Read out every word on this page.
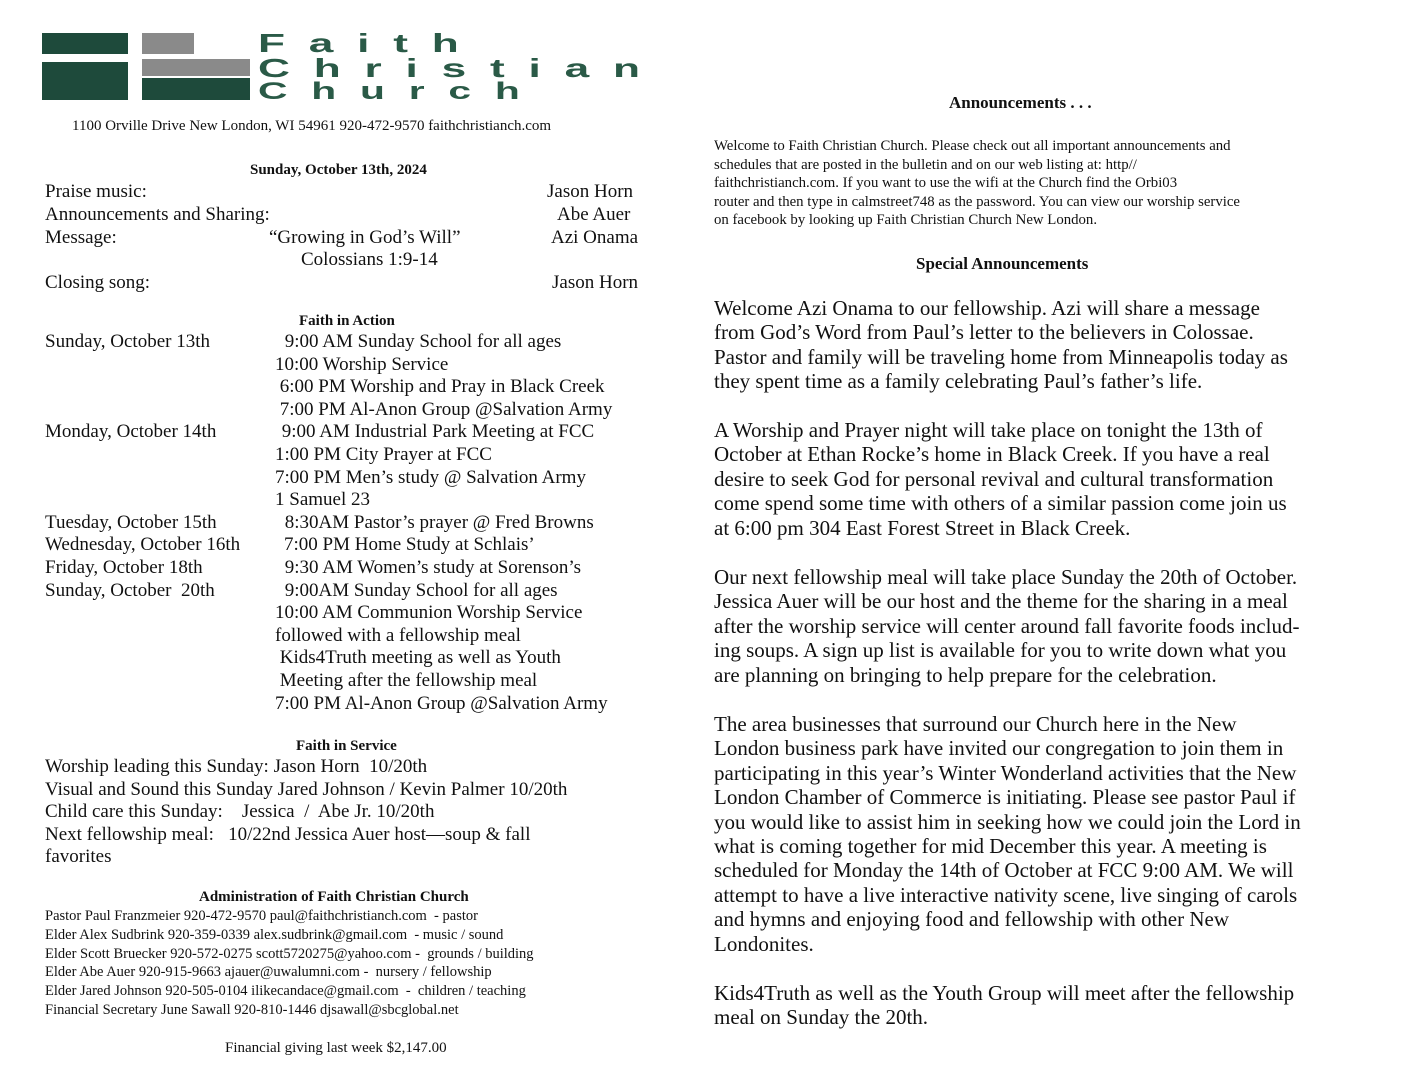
Faith
Christian
Church
1100 Orville Drive New London, WI 54961 920-472-9570 faithchristianch.com
Sunday, October 13th, 2024
Praise music:	Jason Horn
Announcements and Sharing:	Abe Auer
Message:	“Growing in God’s Will”	Azi Onama
Colossians 1:9-14
Closing song:	Jason Horn
Faith in Action
Sunday, October 13th	9:00 AM Sunday School for all ages
10:00 Worship Service
6:00 PM Worship and Pray in Black Creek
7:00 PM Al-Anon Group @Salvation Army
Monday, October 14th	9:00 AM Industrial Park Meeting at FCC
1:00 PM City Prayer at FCC
7:00 PM Men’s study @ Salvation Army
1 Samuel 23
Tuesday, October 15th	8:30AM Pastor’s prayer @ Fred Browns
Wednesday, October 16th 7:00 PM Home Study at Schlais’
Friday, October 18th	9:30 AM Women’s study at Sorenson’s
Sunday, October  20th	9:00AM Sunday School for all ages
10:00 AM Communion Worship Service
followed with a fellowship meal
Kids4Truth meeting as well as Youth
Meeting after the fellowship meal
7:00 PM Al-Anon Group @Salvation Army
Faith in Service
Worship leading this Sunday: Jason Horn  10/20th
Visual and Sound this Sunday Jared Johnson / Kevin Palmer 10/20th
Child care this Sunday:    Jessica  /  Abe Jr. 10/20th
Next fellowship meal:   10/22nd Jessica Auer host—soup & fall
favorites
Administration of Faith Christian Church
Pastor Paul Franzmeier 920-472-9570 paul@faithchristianch.com  - pastor
Elder Alex Sudbrink 920-359-0339 alex.sudbrink@gmail.com  - music / sound
Elder Scott Bruecker 920-572-0275 scott5720275@yahoo.com -  grounds / building
Elder Abe Auer 920-915-9663 ajauer@uwalumni.com -  nursery / fellowship
Elder Jared Johnson 920-505-0104 ilikecandace@gmail.com  -  children / teaching
Financial Secretary June Sawall 920-810-1446 djsawall@sbcglobal.net
Financial giving last week $2,147.00
Announcements . . .
Welcome to Faith Christian Church. Please check out all important announcements and
schedules that are posted in the bulletin and on our web listing at: http//
faithchristianch.com. If you want to use the wifi at the Church find the Orbi03
router and then type in calmstreet748 as the password. You can view our worship service
on facebook by looking up Faith Christian Church New London.
Special Announcements
Welcome Azi Onama to our fellowship. Azi will share a message
from God’s Word from Paul’s letter to the believers in Colossae.
Pastor and family will be traveling home from Minneapolis today as
they spent time as a family celebrating Paul’s father’s life.
A Worship and Prayer night will take place on tonight the 13th of
October at Ethan Rocke’s home in Black Creek. If you have a real
desire to seek God for personal revival and cultural transformation
come spend some time with others of a similar passion come join us
at 6:00 pm 304 East Forest Street in Black Creek.
Our next fellowship meal will take place Sunday the 20th of October.
Jessica Auer will be our host and the theme for the sharing in a meal
after the worship service will center around fall favorite foods includ-
ing soups. A sign up list is available for you to write down what you
are planning on bringing to help prepare for the celebration.
The area businesses that surround our Church here in the New
London business park have invited our congregation to join them in
participating in this year’s Winter Wonderland activities that the New
London Chamber of Commerce is initiating. Please see pastor Paul if
you would like to assist him in seeking how we could join the Lord in
what is coming together for mid December this year. A meeting is
scheduled for Monday the 14th of October at FCC 9:00 AM. We will
attempt to have a live interactive nativity scene, live singing of carols
and hymns and enjoying food and fellowship with other New
Londonites.
Kids4Truth as well as the Youth Group will meet after the fellowship
meal on Sunday the 20th.
